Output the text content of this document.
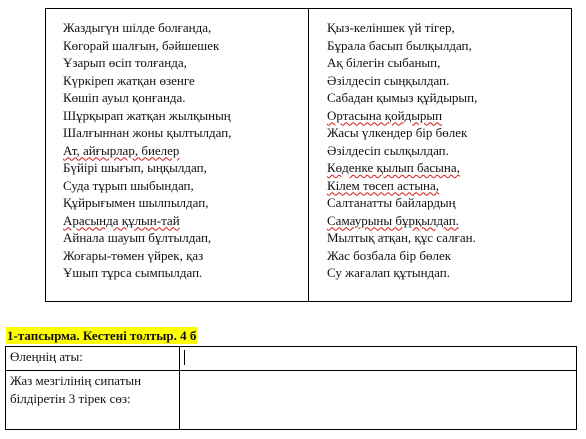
Жаздыгүн шілде болғанда,
Көгорай шалғын, бәйшешек
Ұзарып өсіп толғанда,
Күркіреп жатқан өзенге
Көшіп ауыл қонғанда.
Шұрқырап жатқан жылқының
Шалғыннан жоны қылтылдап,
Ат, айғырлар, биелер
Бүйірі шығып, ыңқылдап,
Суда тұрып шыбындап,
Құйрығымен шылпылдап,
Арасында құлын-тай
Айнала шауып бұлтылдап,
Жоғары-төмен үйрек, қаз
Ұшып тұрса сымпылдап.
Қыз-келіншек үй тігер,
Бұрала басып былқылдап,
Ақ білегін сыбанып,
Әзілдесіп сыңқылдап.
Сабадан қымыз құйдырып,
Ортасына қойдырып
Жасы үлкендер бір бөлек
Әзілдесіп сылқылдап.
Көденке қылып басына,
Кілем төсеп астына,
Салтанатты байлардың
Самаурыны бұрқылдап.
Мылтық атқан, құс салған.
Жас бозбала бір бөлек
Су жағалап құтындап.
1-тапсырма. Кестені толтыр. 4 б
Өлеңнің аты:	
Жаз мезгілінің сипатын білдіретін 3 тірек сөз:	
